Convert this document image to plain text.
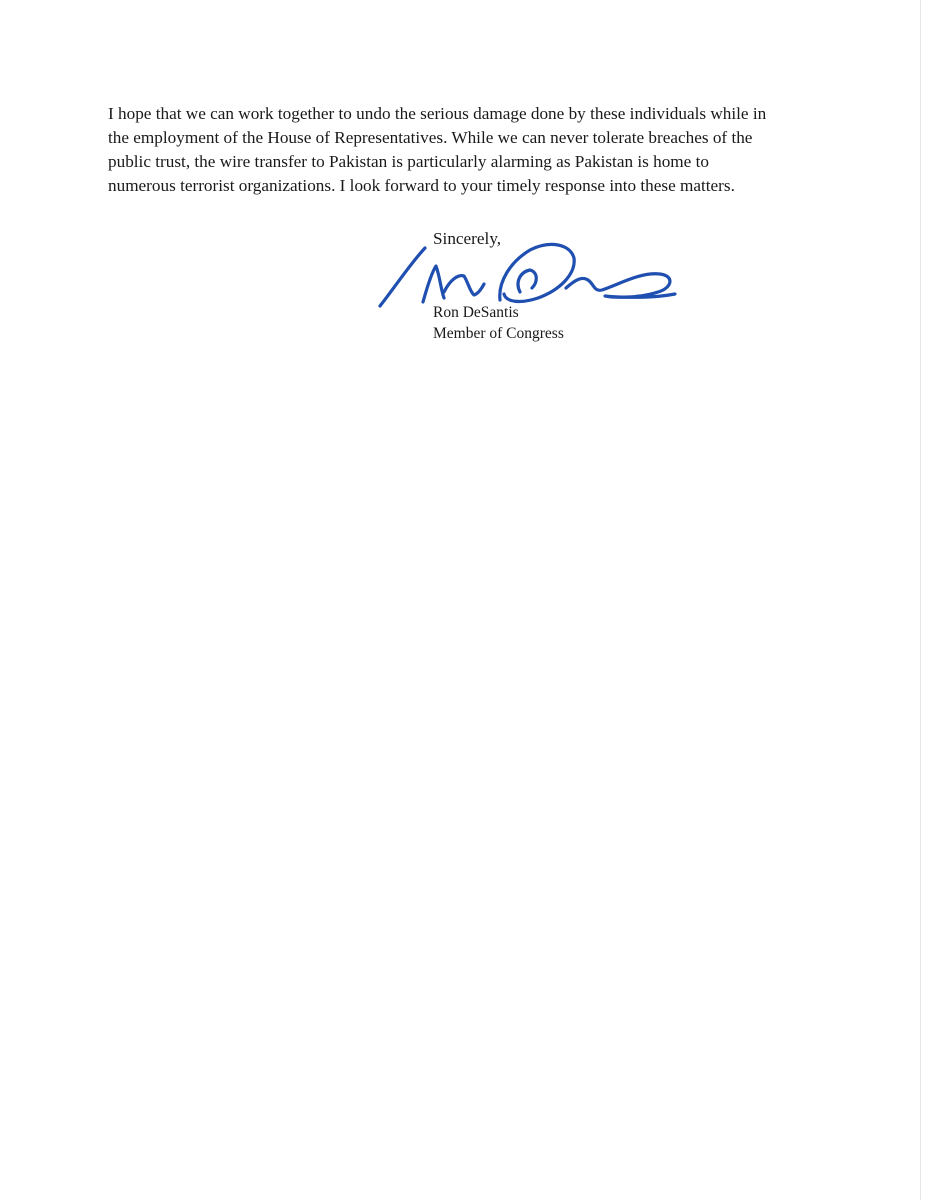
I hope that we can work together to undo the serious damage done by these individuals while in
the employment of the House of Representatives. While we can never tolerate breaches of the
public trust, the wire transfer to Pakistan is particularly alarming as Pakistan is home to
numerous terrorist organizations. I look forward to your timely response into these matters.

Sincerely,
Ron DeSantis
Member of Congress
